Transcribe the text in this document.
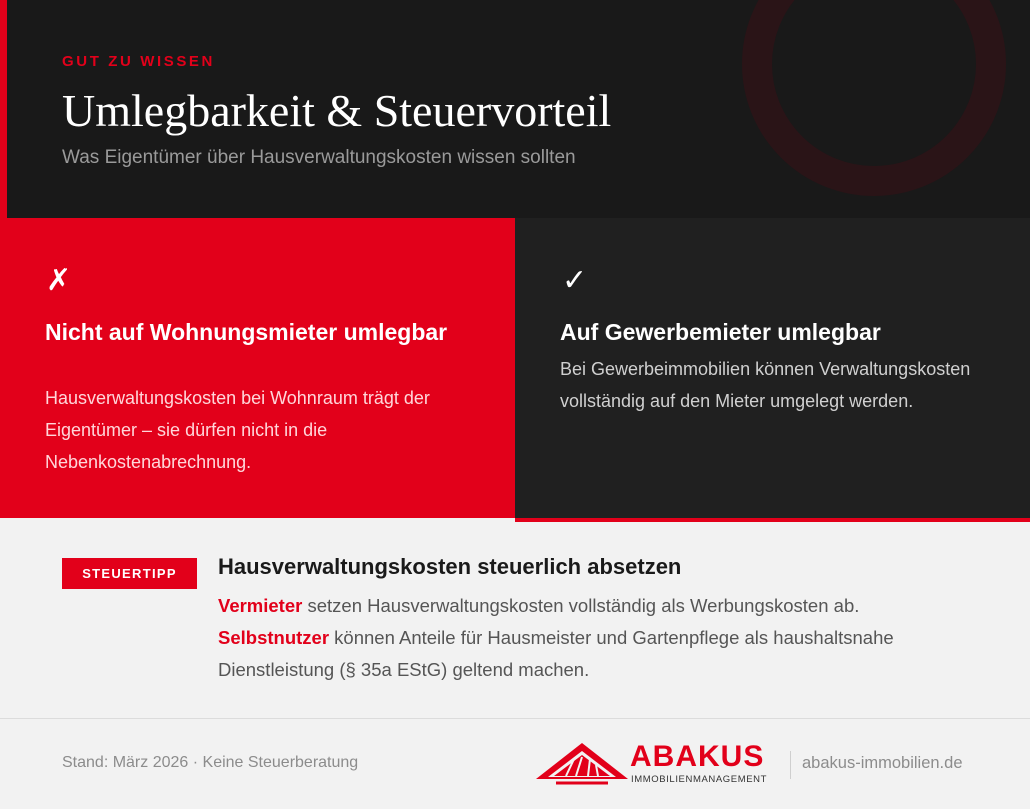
GUT ZU WISSEN
Umlegbarkeit & Steuervorteil
Was Eigentümer über Hausverwaltungskosten wissen sollten
✗
Nicht auf Wohnungsmieter umlegbar
Hausverwaltungskosten bei Wohnraum trägt der Eigentümer – sie dürfen nicht in die Nebenkostenabrechnung.
✓
Auf Gewerbemieter umlegbar
Bei Gewerbeimmobilien können Verwaltungskosten vollständig auf den Mieter umgelegt werden.
STEUERTIPP	Hausverwaltungskosten steuerlich absetzen
Vermieter setzen Hausverwaltungskosten vollständig als Werbungskosten ab.
Selbstnutzer können Anteile für Hausmeister und Gartenpflege als haushaltsnahe Dienstleistung (§ 35a EStG) geltend machen.
Stand: März 2026 · Keine Steuerberatung	ABAKUS
IMMOBILIENMANAGEMENT
abakus-immobilien.de
